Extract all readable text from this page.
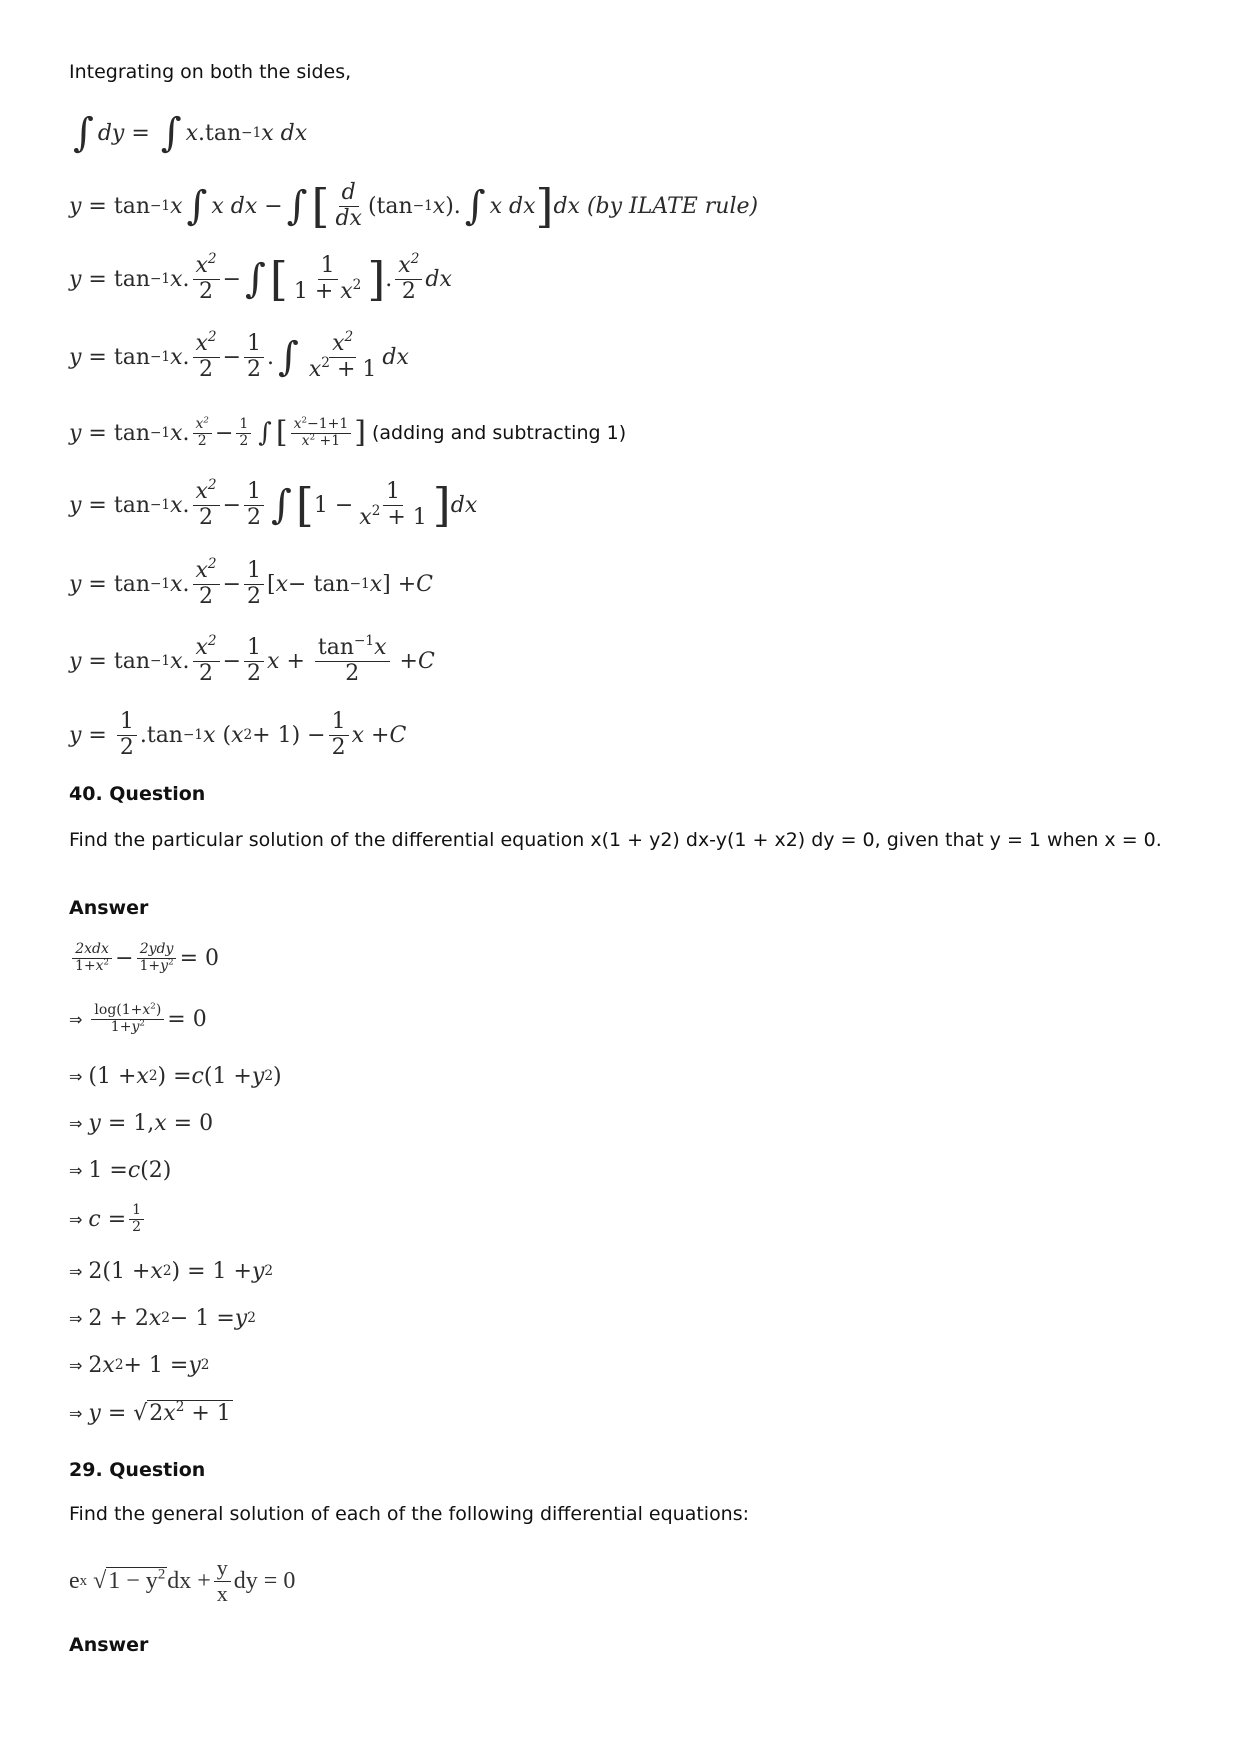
Integrating on both the sides,
∫ dy = ∫ x .tan −1 x dx
y = tan −1 x ∫ x dx − ∫ [ $\frac{d}{dx} (\tan -1$ x ). ∫ x dx ] dx
(by ILATE rule)
y = tan −1 x . $\frac{x^2}{2}$ − ∫ [ $\frac{1}{1 + x^2}$ ] . $\frac{x^2}{2}$ dx
y = tan −1 x . $\frac{x^2}{2} - \frac{1}{2}$ . ∫ $\frac{x^2}{x^2 + 1}$ dx
y = tan −1 x . $\frac{x^2}{2} - \frac{1}{2}$ ∫ [ $\frac{x^2-1+1}{x^2 +1}$ ] (adding and subtracting 1)
y = tan −1 x . $\frac{x^2}{2} - \frac{1}{2}$ ∫ [ $1 - \frac{1}{x^2 + 1}$ ] dx
y = tan −1 x . $\frac{x^2}{2} - \frac{1}{2}$ [ x − tan −1 x ] + C
y = tan −1 x . $\frac{x^2}{2} - \frac{1}{2}$ $x + \frac{\tan^{-1}x}{2} + C$
$y = \frac{1}{2} .\tan -1$ x ( x $2 + 1) - \frac{1}{2}$ x + C
40. Question
Find the particular solution of the differential equation x(1 + y2) dx-y(1 + x2) dy = 0, given that y = 1 when x = 0.
Answer
$\frac{\text{2xdx}}{1+x^2} - \frac{\text{2ydy}}{1+y^2} = 0$
⇒ $\frac{\log(1+x^2)}{1+y^2} = 0$
⇒ (1 + x 2 ) = c (1 + y 2 )
⇒ y = 1, x = 0
⇒ 1 = c (2)
⇒ $c = \frac{1}{2}$
⇒ 2(1 + x 2 ) = 1 + y 2
⇒ 2 + 2 x 2 − 1 = y 2
⇒ 2 x 2 + 1 = y 2
⇒ y = √ $2x^2 + 1$
29. Question
Find the general solution of each of the following differential equations:
e x √ $1 - y^2$ dx + $\frac{y}{x}$ dy = 0
Answer
